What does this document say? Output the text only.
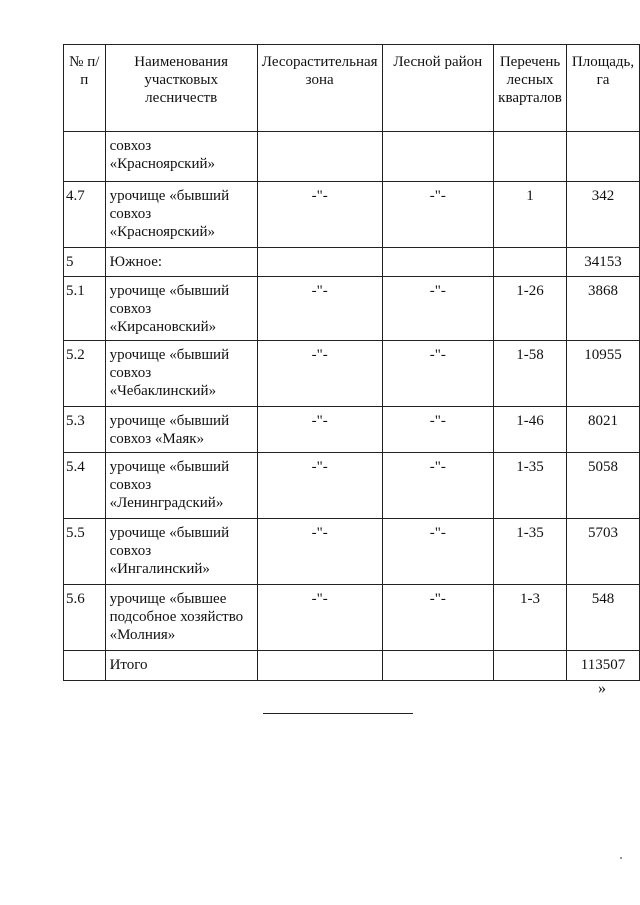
№ п/п	Наименования участковых лесничеств	Лесорастительная зона	Лесной район	Перечень лесных кварталов	Площадь, га
	совхоз «Красноярский»				
4.7	урочище «бывший совхоз «Красноярский»	-"-	-"-	1	342
5	Южное:				34153
5.1	урочище «бывший совхоз «Кирсановский»	-"-	-"-	1-26	3868
5.2	урочище «бывший совхоз «Чебаклинский»	-"-	-"-	1-58	10955
5.3	урочище «бывший совхоз «Маяк»	-"-	-"-	1-46	8021
5.4	урочище «бывший совхоз «Ленинградский»	-"-	-"-	1-35	5058
5.5	урочище «бывший совхоз «Ингалинский»	-"-	-"-	1-35	5703
5.6	урочище «бывшее подсобное хозяйство «Молния»	-"-	-"-	1-3	548
	Итого				113507
»
